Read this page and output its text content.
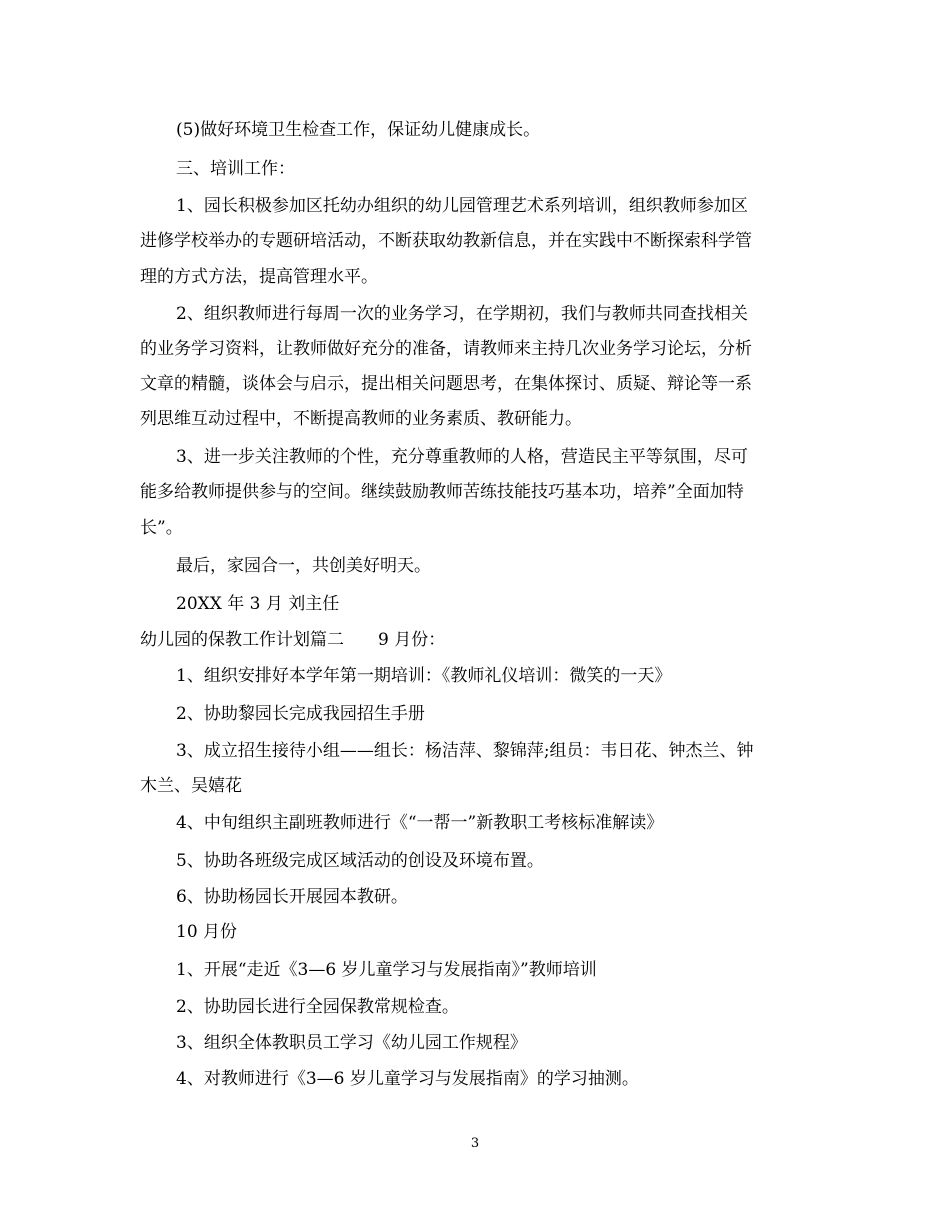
(5)做好环境卫生检查工作，保证幼儿健康成长。

三、培训工作：

1、园长积极参加区托幼办组织的幼儿园管理艺术系列培训，组织教师参加区

进修学校举办的专题研培活动，不断获取幼教新信息，并在实践中不断探索科学管

理的方式方法，提高管理水平。

2、组织教师进行每周一次的业务学习，在学期初，我们与教师共同查找相关

的业务学习资料，让教师做好充分的准备，请教师来主持几次业务学习论坛，分析

文章的精髓，谈体会与启示，提出相关问题思考，在集体探讨、质疑、辩论等一系

列思维互动过程中，不断提高教师的业务素质、教研能力。

3、进一步关注教师的个性，充分尊重教师的人格，营造民主平等氛围，尽可

能多给教师提供参与的空间。继续鼓励教师苦练技能技巧基本功，培养”全面加特

长”。

最后，家园合一，共创美好明天。

20XX 年 3 月 刘主任

幼儿园的保教工作计划篇二　　9 月份：

1、组织安排好本学年第一期培训：《教师礼仪培训：微笑的一天》

2、协助黎园长完成我园招生手册

3、成立招生接待小组——组长：杨洁萍、黎锦萍;组员：韦日花、钟杰兰、钟

木兰、吴嬉花

4、中旬组织主副班教师进行《“一帮一”新教职工考核标准解读》

5、协助各班级完成区域活动的创设及环境布置。

6、协助杨园长开展园本教研。

10 月份

1、开展“走近《3—6 岁儿童学习与发展指南》”教师培训

2、协助园长进行全园保教常规检查。

3、组织全体教职员工学习《幼儿园工作规程》

4、对教师进行《3—6 岁儿童学习与发展指南》的学习抽测。

3
